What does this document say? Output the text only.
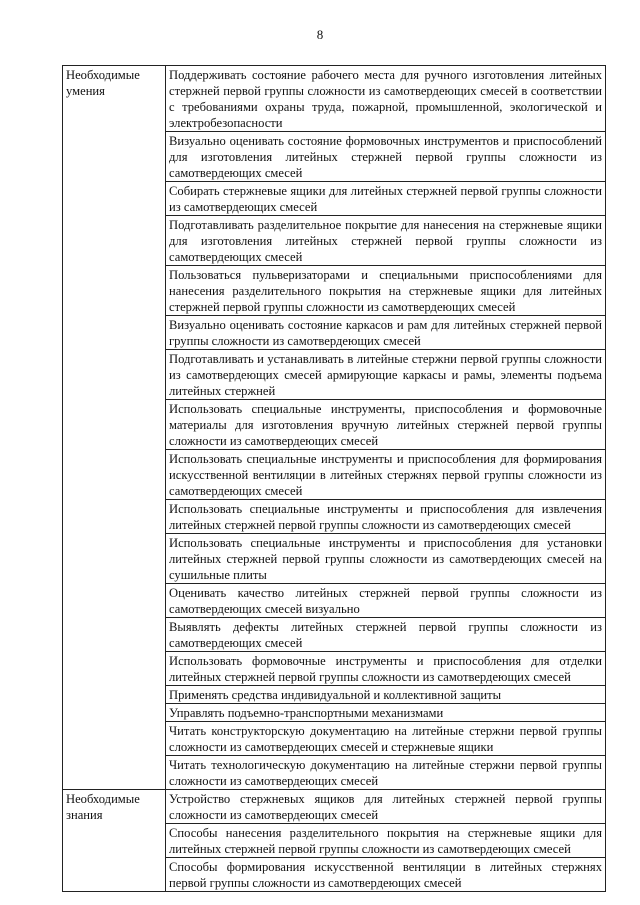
8
Необходимые умения	Поддерживать состояние рабочего места для ручного изготовления литейных стержней первой группы сложности из самотвердеющих смесей в соответствии с требованиями охраны труда, пожарной, промышленной, экологической и электробезопасности
	Визуально оценивать состояние формовочных инструментов и приспособлений для изготовления литейных стержней первой группы сложности из самотвердеющих смесей
	Собирать стержневые ящики для литейных стержней первой группы сложности из самотвердеющих смесей
	Подготавливать разделительное покрытие для нанесения на стержневые ящики для изготовления литейных стержней первой группы сложности из самотвердеющих смесей
	Пользоваться пульверизаторами и специальными приспособлениями для нанесения разделительного покрытия на стержневые ящики для литейных стержней первой группы сложности из самотвердеющих смесей
	Визуально оценивать состояние каркасов и рам для литейных стержней первой группы сложности из самотвердеющих смесей
	Подготавливать и устанавливать в литейные стержни первой группы сложности из самотвердеющих смесей армирующие каркасы и рамы, элементы подъема литейных стержней
	Использовать специальные инструменты, приспособления и формовочные материалы для изготовления вручную литейных стержней первой группы сложности из самотвердеющих смесей
	Использовать специальные инструменты и приспособления для формирования искусственной вентиляции в литейных стержнях первой группы сложности из самотвердеющих смесей
	Использовать специальные инструменты и приспособления для извлечения литейных стержней первой группы сложности из самотвердеющих смесей
	Использовать специальные инструменты и приспособления для установки литейных стержней первой группы сложности из самотвердеющих смесей на сушильные плиты
	Оценивать качество литейных стержней первой группы сложности из самотвердеющих смесей визуально
	Выявлять дефекты литейных стержней первой группы сложности из самотвердеющих смесей
	Использовать формовочные инструменты и приспособления для отделки литейных стержней первой группы сложности из самотвердеющих смесей
	Применять средства индивидуальной и коллективной защиты
	Управлять подъемно-транспортными механизмами
	Читать конструкторскую документацию на литейные стержни первой группы сложности из самотвердеющих смесей и стержневые ящики
	Читать технологическую документацию на литейные стержни первой группы сложности из самотвердеющих смесей
Необходимые знания	Устройство стержневых ящиков для литейных стержней первой группы сложности из самотвердеющих смесей
	Способы нанесения разделительного покрытия на стержневые ящики для литейных стержней первой группы сложности из самотвердеющих смесей
	Способы формирования искусственной вентиляции в литейных стержнях первой группы сложности из самотвердеющих смесей
